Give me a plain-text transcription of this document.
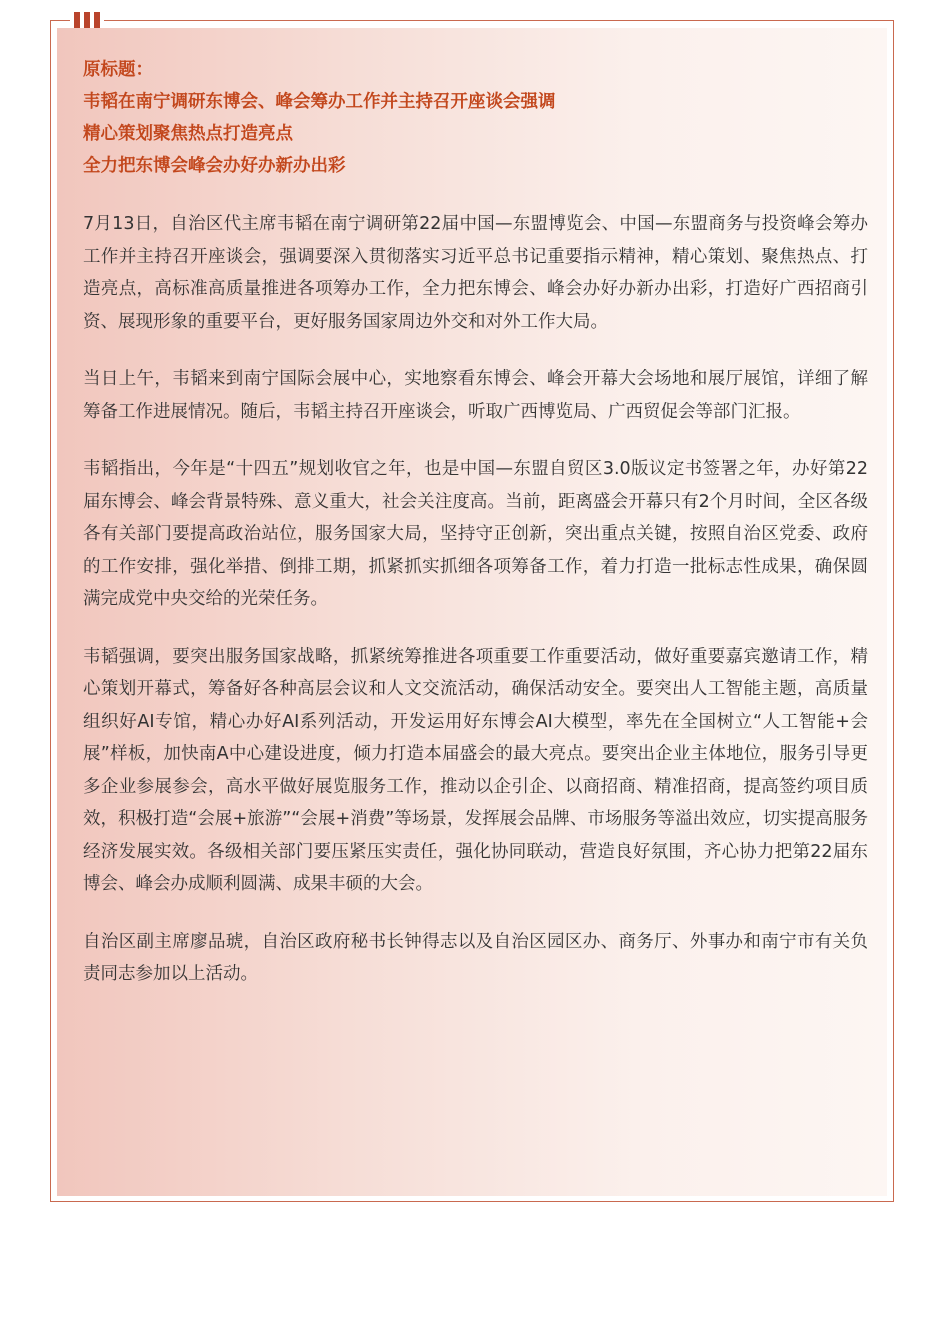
原标题：
韦韬在南宁调研东博会、峰会筹办工作并主持召开座谈会强调
精心策划聚焦热点打造亮点
全力把东博会峰会办好办新办出彩

7月13日，自治区代主席韦韬在南宁调研第22届中国—东盟博览会、中国—东盟商务与投资峰会筹办工作并主持召开座谈会，强调要深入贯彻落实习近平总书记重要指示精神，精心策划、聚焦热点、打造亮点，高标准高质量推进各项筹办工作，全力把东博会、峰会办好办新办出彩，打造好广西招商引资、展现形象的重要平台，更好服务国家周边外交和对外工作大局。

当日上午，韦韬来到南宁国际会展中心，实地察看东博会、峰会开幕大会场地和展厅展馆，详细了解筹备工作进展情况。随后，韦韬主持召开座谈会，听取广西博览局、广西贸促会等部门汇报。

韦韬指出，今年是“十四五”规划收官之年，也是中国—东盟自贸区3.0版议定书签署之年，办好第22届东博会、峰会背景特殊、意义重大，社会关注度高。当前，距离盛会开幕只有2个月时间，全区各级各有关部门要提高政治站位，服务国家大局，坚持守正创新，突出重点关键，按照自治区党委、政府的工作安排，强化举措、倒排工期，抓紧抓实抓细各项筹备工作，着力打造一批标志性成果，确保圆满完成党中央交给的光荣任务。

韦韬强调，要突出服务国家战略，抓紧统筹推进各项重要工作重要活动，做好重要嘉宾邀请工作，精心策划开幕式，筹备好各种高层会议和人文交流活动，确保活动安全。要突出人工智能主题，高质量组织好AI专馆，精心办好AI系列活动，开发运用好东博会AI大模型，率先在全国树立“人工智能+会展”样板，加快南A中心建设进度，倾力打造本届盛会的最大亮点。要突出企业主体地位，服务引导更多企业参展参会，高水平做好展览服务工作，推动以企引企、以商招商、精准招商，提高签约项目质效，积极打造“会展+旅游”“会展+消费”等场景，发挥展会品牌、市场服务等溢出效应，切实提高服务经济发展实效。各级相关部门要压紧压实责任，强化协同联动，营造良好氛围，齐心协力把第22届东博会、峰会办成顺利圆满、成果丰硕的大会。

自治区副主席廖品琥，自治区政府秘书长钟得志以及自治区园区办、商务厅、外事办和南宁市有关负责同志参加以上活动。
